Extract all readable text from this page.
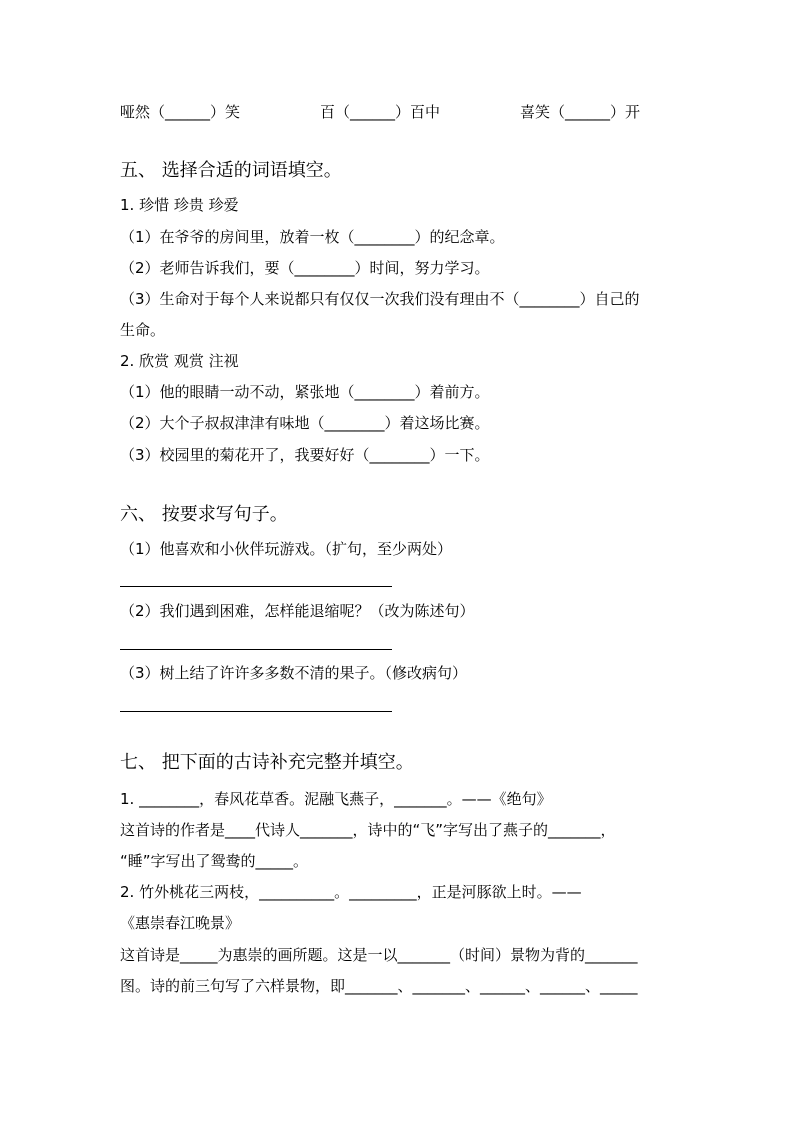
哑然（______）笑	百（______）百中	喜笑（______）开
五、 选择合适的词语填空。
1. 珍惜 珍贵 珍爱
（1）在爷爷的房间里，放着一枚（________）的纪念章。
（2）老师告诉我们，要（________）时间，努力学习。
（3）生命对于每个人来说都只有仅仅一次我们没有理由不（________）自己的
生命。
2. 欣赏 观赏 注视
（1）他的眼睛一动不动，紧张地（________）着前方。
（2）大个子叔叔津津有味地（________）着这场比赛。
（3）校园里的菊花开了，我要好好（________）一下。
六、 按要求写句子。
（1）他喜欢和小伙伴玩游戏。（扩句，至少两处）
（2）我们遇到困难，怎样能退缩呢？（改为陈述句）
（3）树上结了许许多多数不清的果子。（修改病句）
七、 把下面的古诗补充完整并填空。
1. ________，春风花草香。泥融飞燕子，_______。——《绝句》
这首诗的作者是____代诗人_______，诗中的“飞”字写出了燕子的_______，
“睡”字写出了鸳鸯的_____。
2. 竹外桃花三两枝，__________。_________，正是河豚欲上时。——
《惠崇春江晚景》
这首诗是_____为惠崇的画所题。这是一以_______（时间）景物为背的_______
图。诗的前三句写了六样景物，即_______、_______、______、______、_____
